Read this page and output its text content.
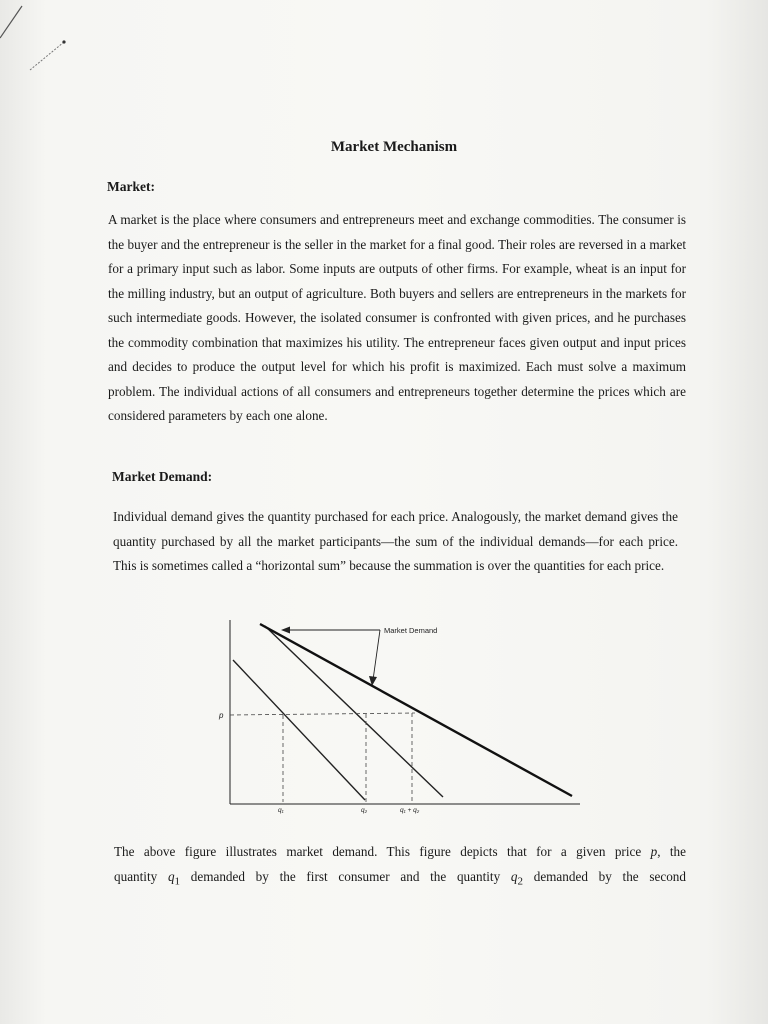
Market Mechanism
Market:

A market is the place where consumers and entrepreneurs meet and exchange commodities. The consumer is the buyer and the entrepreneur is the seller in the market for a final good. Their roles are reversed in a market for a primary input such as labor. Some inputs are outputs of other firms. For example, wheat is an input for the milling industry, but an output of agriculture. Both buyers and sellers are entrepreneurs in the markets for such intermediate goods. However, the isolated consumer is confronted with given prices, and he purchases the commodity combination that maximizes his utility. The entrepreneur faces given output and input prices and decides to produce the output level for which his profit is maximized. Each must solve a maximum problem. The individual actions of all consumers and entrepreneurs together determine the prices which are considered parameters by each one alone.

Market Demand:

Individual demand gives the quantity purchased for each price. Analogously, the market demand gives the quantity purchased by all the market participants—the sum of the individual demands—for each price. This is sometimes called a “horizontal sum” because the summation is over the quantities for each price.

Market Demand
p
q₁	q₂	q₁ + q₂

The above figure illustrates market demand. This figure depicts that for a given price p, the
quantity $q_1$ demanded by the first consumer and the quantity $q_2$ demanded by the second
